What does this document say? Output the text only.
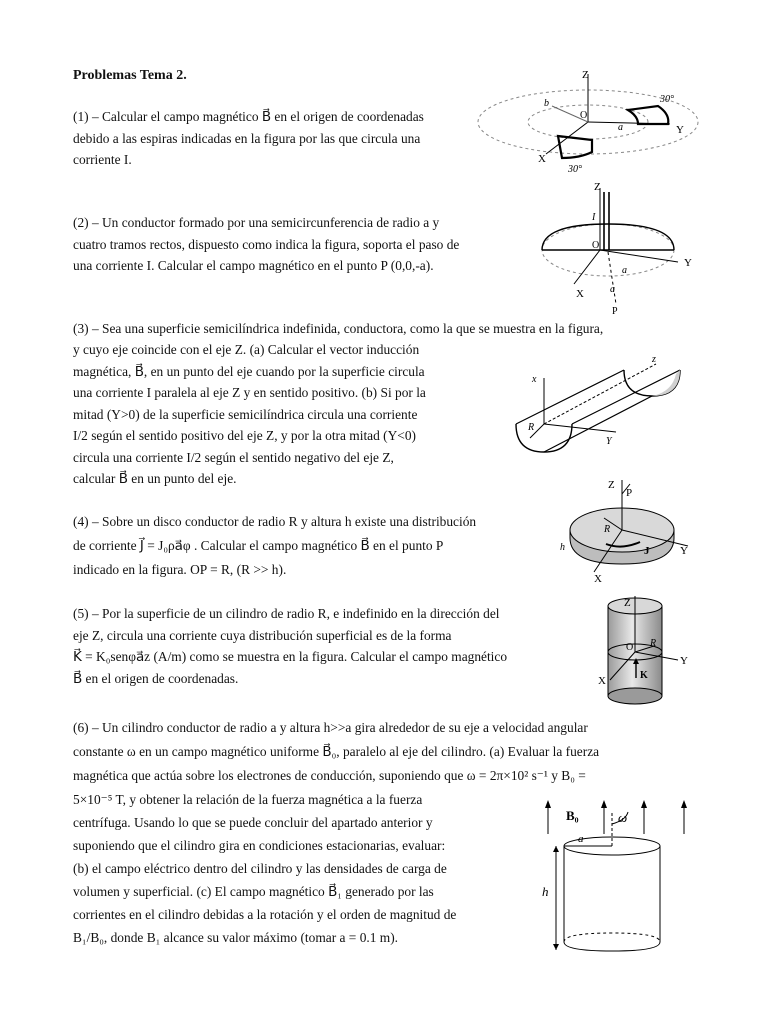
Problemas Tema 2.
(1) – Calcular el campo magnético B⃗ en el origen de coordenadas
debido a las espiras indicadas en la figura por las que circula una
corriente I.
(2) – Un conductor formado por una semicircunferencia de radio a y
cuatro tramos rectos, dispuesto como indica la figura, soporta el paso de
una corriente I. Calcular el campo magnético en el punto P (0,0,-a).
(3) – Sea una superficie semicilíndrica indefinida, conductora, como la que se muestra en la figura,
y cuyo eje coincide con el eje Z. (a) Calcular el vector inducción
magnética, B⃗, en un punto del eje cuando por la superficie circula
una corriente I paralela al eje Z y en sentido positivo. (b) Si por la
mitad (Y>0) de la superficie semicilíndrica circula una corriente
I/2 según el sentido positivo del eje Z, y por la otra mitad (Y<0)
circula una corriente I/2 según el sentido negativo del eje Z,
calcular B⃗ en un punto del eje.
(4) – Sobre un disco conductor de radio R y altura h existe una distribución
de corriente J⃗ = J₀ρa⃗φ . Calcular el campo magnético B⃗ en el punto P
indicado en la figura. OP = R, (R >> h).
(5) – Por la superficie de un cilindro de radio R, e indefinido en la dirección del
eje Z, circula una corriente cuya distribución superficial es de la forma
K⃗ = K₀senφa⃗z (A/m) como se muestra en la figura. Calcular el campo magnético
B⃗ en el origen de coordenadas.
(6) – Un cilindro conductor de radio a y altura h>>a gira alrededor de su eje a velocidad angular
constante ω en un campo magnético uniforme B⃗₀, paralelo al eje del cilindro. (a) Evaluar la fuerza
magnética que actúa sobre los electrones de conducción, suponiendo que ω = 2π×10² s⁻¹ y B₀ =
5×10⁻⁵ T, y obtener la relación de la fuerza magnética a la fuerza
centrífuga. Usando lo que se puede concluir del apartado anterior y
suponiendo que el cilindro gira en condiciones estacionarias, evaluar:
(b) el campo eléctrico dentro del cilindro y las densidades de carga de
volumen y superficial. (c) El campo magnético B⃗₁ generado por las
corrientes en el cilindro debidas a la rotación y el orden de magnitud de
B₁/B₀, donde B₁ alcance su valor máximo (tomar a = 0.1 m).
Z
Y
X
O
a
b	30°
30°
Z
I
O
Y
X
a
a
P
x
z
Y
R
Z
P
R
h	J	Y
X
Z
O R
Y
X	K
B₀	ω
a
h
